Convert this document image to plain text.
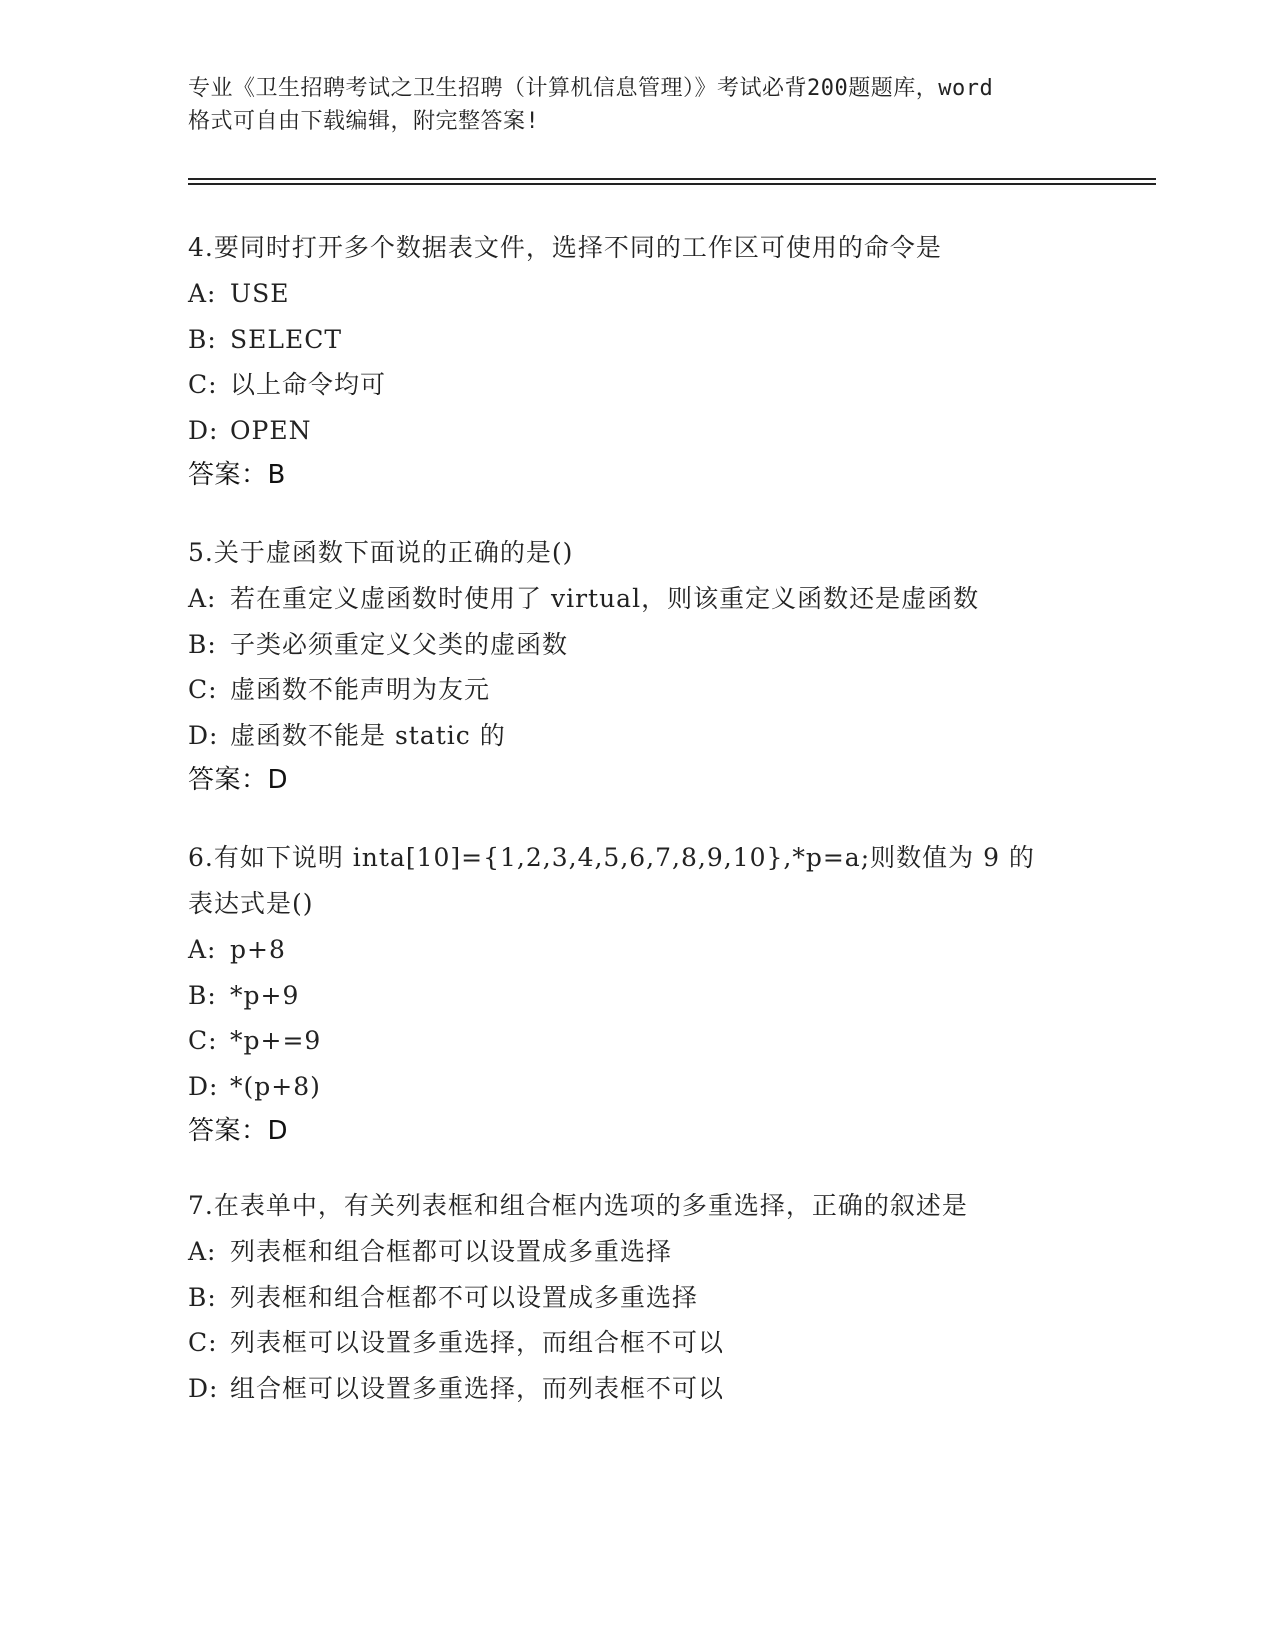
专业《卫生招聘考试之卫生招聘（计算机信息管理）》考试必背200题题库，word
格式可自由下载编辑，附完整答案!
4.要同时打开多个数据表文件，选择不同的工作区可使用的命令是
A: USE
B: SELECT
C: 以上命令均可
D: OPEN
答案：B
5.关于虚函数下面说的正确的是()
A: 若在重定义虚函数时使用了 virtual，则该重定义函数还是虚函数
B: 子类必须重定义父类的虚函数
C: 虚函数不能声明为友元
D: 虚函数不能是 static 的
答案：D
6.有如下说明 inta[10]={1,2,3,4,5,6,7,8,9,10},*p=a;则数值为 9 的
表达式是()
A: p+8
B: *p+9
C: *p+=9
D: *(p+8)
答案：D
7.在表单中，有关列表框和组合框内选项的多重选择，正确的叙述是
A: 列表框和组合框都可以设置成多重选择
B: 列表框和组合框都不可以设置成多重选择
C: 列表框可以设置多重选择，而组合框不可以
D: 组合框可以设置多重选择，而列表框不可以
